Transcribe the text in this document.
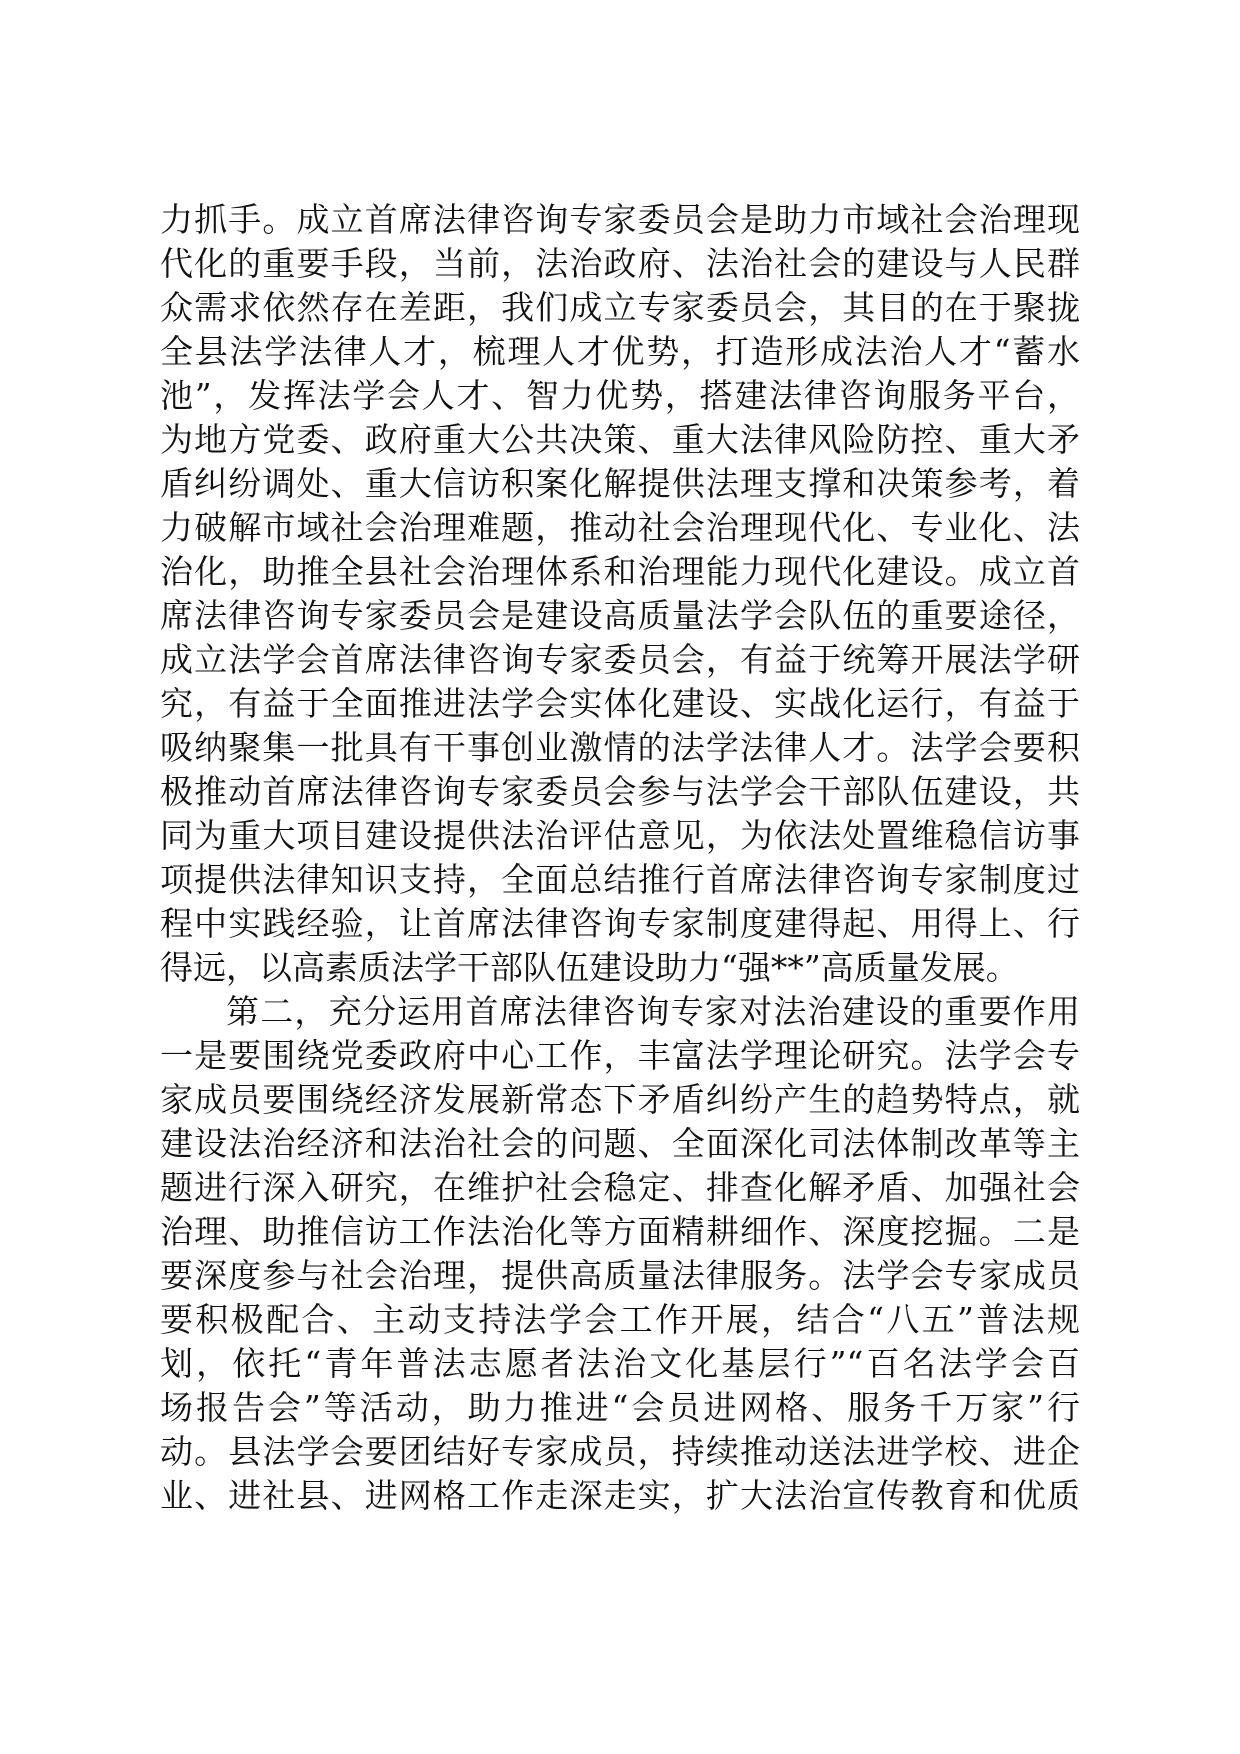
力抓手。成立首席法律咨询专家委员会是助力市域社会治理现
代化的重要手段，当前，法治政府、法治社会的建设与人民群
众需求依然存在差距，我们成立专家委员会，其目的在于聚拢
全县法学法律人才，梳理人才优势，打造形成法治人才“蓄水
池”，发挥法学会人才、智力优势，搭建法律咨询服务平台，
为地方党委、政府重大公共决策、重大法律风险防控、重大矛
盾纠纷调处、重大信访积案化解提供法理支撑和决策参考，着
力破解市域社会治理难题，推动社会治理现代化、专业化、法
治化，助推全县社会治理体系和治理能力现代化建设。成立首
席法律咨询专家委员会是建设高质量法学会队伍的重要途径，
成立法学会首席法律咨询专家委员会，有益于统筹开展法学研
究，有益于全面推进法学会实体化建设、实战化运行，有益于
吸纳聚集一批具有干事创业激情的法学法律人才。法学会要积
极推动首席法律咨询专家委员会参与法学会干部队伍建设，共
同为重大项目建设提供法治评估意见，为依法处置维稳信访事
项提供法律知识支持，全面总结推行首席法律咨询专家制度过
程中实践经验，让首席法律咨询专家制度建得起、用得上、行
得远，以高素质法学干部队伍建设助力“强**”高质量发展。
第二，充分运用首席法律咨询专家对法治建设的重要作用
一是要围绕党委政府中心工作，丰富法学理论研究。法学会专
家成员要围绕经济发展新常态下矛盾纠纷产生的趋势特点，就
建设法治经济和法治社会的问题、全面深化司法体制改革等主
题进行深入研究，在维护社会稳定、排查化解矛盾、加强社会
治理、助推信访工作法治化等方面精耕细作、深度挖掘。二是
要深度参与社会治理，提供高质量法律服务。法学会专家成员
要积极配合、主动支持法学会工作开展，结合“八五”普法规
划，依托“青年普法志愿者法治文化基层行”“百名法学会百
场报告会”等活动，助力推进“会员进网格、服务千万家”行
动。县法学会要团结好专家成员，持续推动送法进学校、进企
业、进社县、进网格工作走深走实，扩大法治宣传教育和优质
